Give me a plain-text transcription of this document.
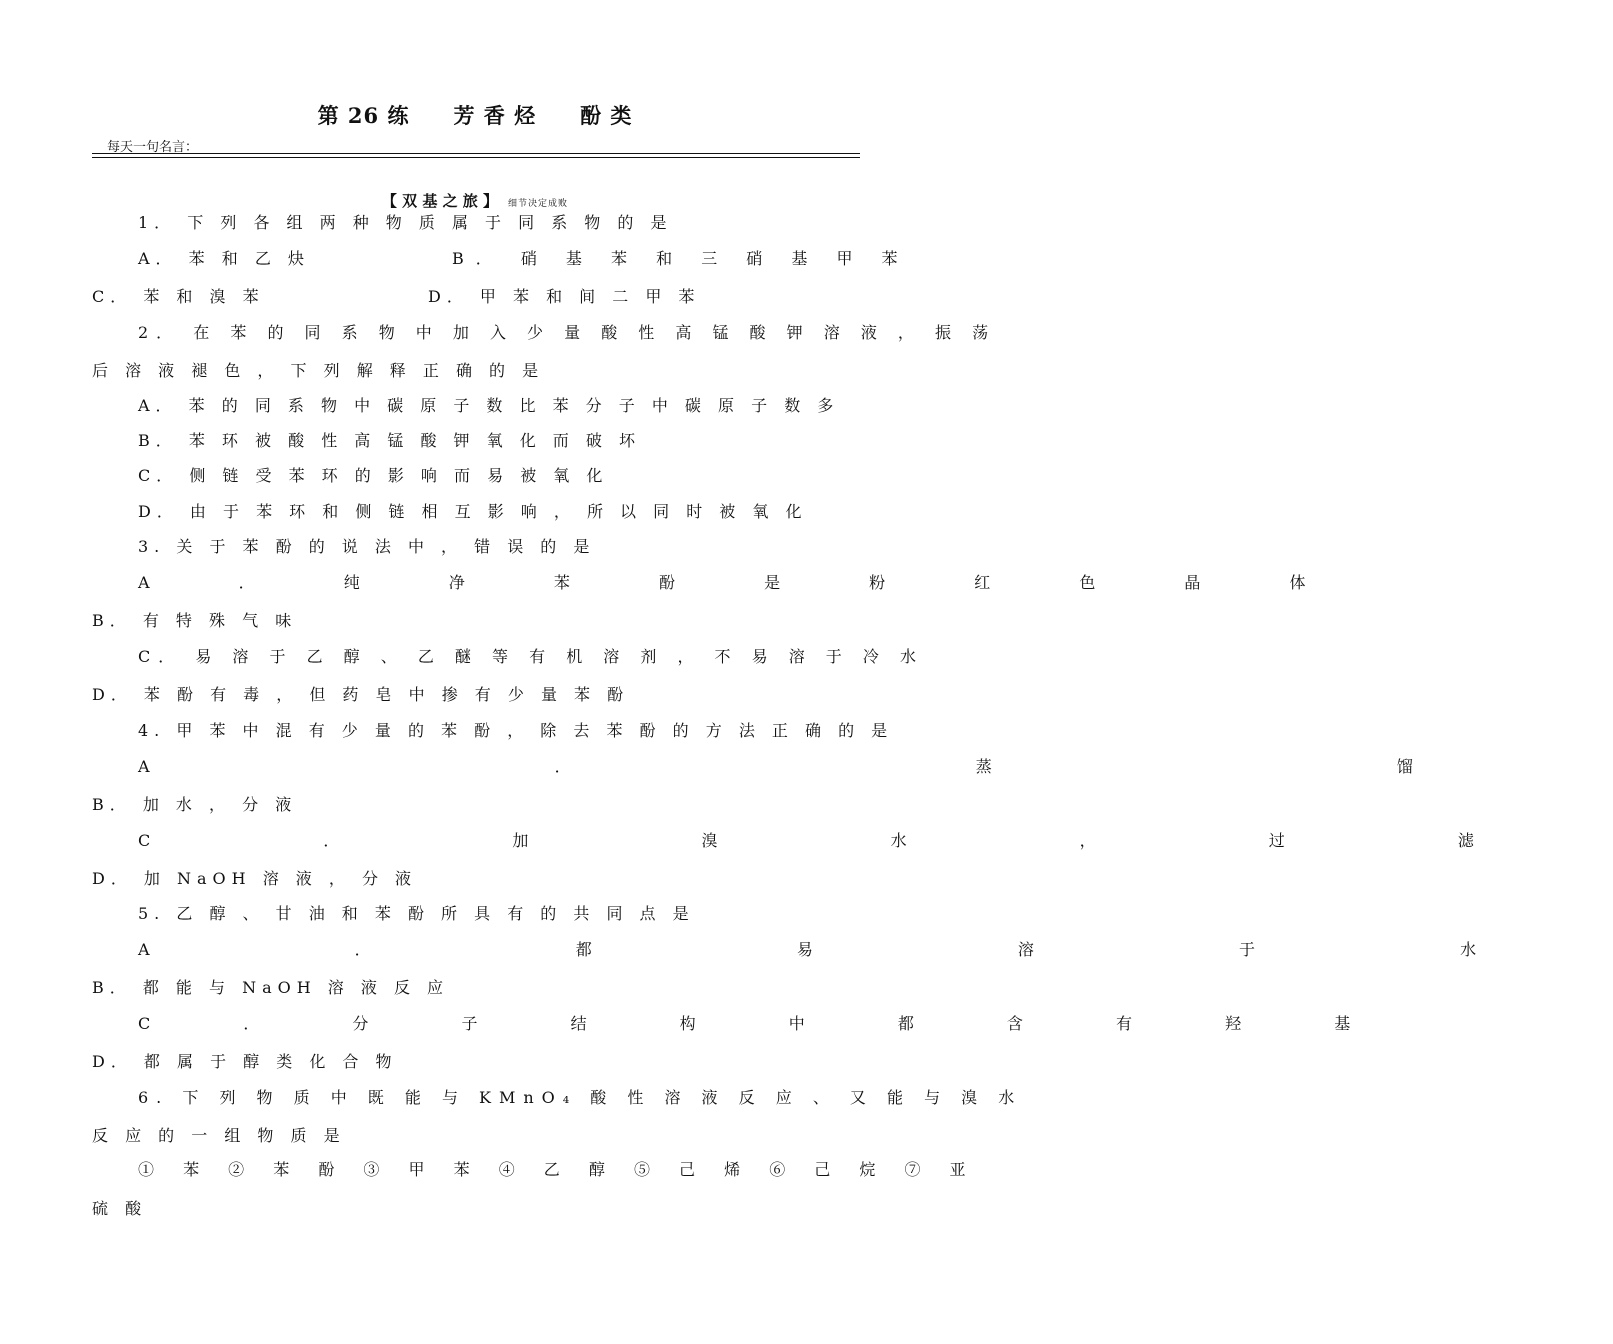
第 26 练　　芳 香 烃　　酚 类
每天一句名言：
【 双 基 之 旅 】 细节决定成败
1． 下 列 各 组 两 种 物 质 属 于 同 系 物 的 是
A． 苯 和 乙 炔	B． 硝 基 苯 和 三 硝 基 甲 苯
C． 苯 和 溴 苯	D． 甲 苯 和 间 二 甲 苯
2． 在 苯 的 同 系 物 中 加 入 少 量 酸 性 高 锰 酸 钾 溶 液 ， 振 荡
后 溶 液 褪 色 ， 下 列 解 释 正 确 的 是
A． 苯 的 同 系 物 中 碳 原 子 数 比 苯 分 子 中 碳 原 子 数 多
B． 苯 环 被 酸 性 高 锰 酸 钾 氧 化 而 破 坏
C． 侧 链 受 苯 环 的 影 响 而 易 被 氧 化
D． 由 于 苯 环 和 侧 链 相 互 影 响 ， 所 以 同 时 被 氧 化
3. 关 于 苯 酚 的 说 法 中 ， 错 误 的 是
A ． 纯 净 苯 酚 是 粉 红 色 晶 体
B． 有 特 殊 气 味
C． 易 溶 于 乙 醇 、 乙 醚 等 有 机 溶 剂 ， 不 易 溶 于 冷 水
D． 苯 酚 有 毒 ， 但 药 皂 中 掺 有 少 量 苯 酚
4. 甲 苯 中 混 有 少 量 的 苯 酚 ， 除 去 苯 酚 的 方 法 正 确 的 是
A ． 蒸 馏
B． 加 水 ， 分 液
C ． 加 溴 水 ， 过 滤
D． 加 NaOH 溶 液 ， 分 液
5. 乙 醇 、 甘 油 和 苯 酚 所 具 有 的 共 同 点 是
A ． 都 易 溶 于 水
B． 都 能 与 NaOH 溶 液 反 应
C ． 分 子 结 构 中 都 含 有 羟 基
D． 都 属 于 醇 类 化 合 物
6. 下 列 物 质 中 既 能 与 KMnO₄ 酸 性 溶 液 反 应 、 又 能 与 溴 水
反 应 的 一 组 物 质 是
① 苯 ② 苯 酚 ③ 甲 苯 ④ 乙 醇 ⑤ 己 烯 ⑥ 己 烷 ⑦ 亚
硫 酸
